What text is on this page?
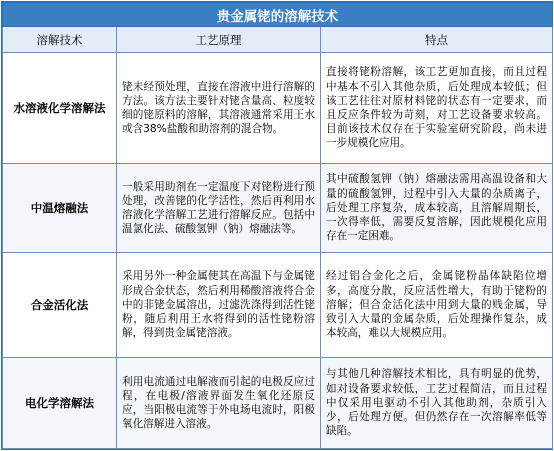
贵金属铑的溶解技术		
溶解技术	工艺原理	特点
水溶液化学溶解法	铑未经预处理，直接在溶液中进行溶解的方法。该方法主要针对铑含量高、粒度较细的铑原料的溶解，其溶液通常采用王水或含38%盐酸和助溶剂的混合物。	直接将铑粉溶解，该工艺更加直接，而且过程中基本不引入其他杂质，后处理成本较低；但该工艺往往对原材料铑的状态有一定要求，而且反应条件较为苛刻，对工艺设备要求较高。目前该技术仅存在于实验室研究阶段，尚未进一步规模化应用。
中温熔融法	一般采用助剂在一定温度下对铑粉进行预处理，改善铑的化学活性，然后再利用水溶液化学溶解工艺进行溶解反应。包括中温氯化法、硫酸氢钾（钠）熔融法等。	其中硫酸氢钾（钠）熔融法需用高温设备和大量的硫酸氢钾，过程中引入大量的杂质离子，后处理工序复杂，成本较高，且溶解周期长，一次得率低，需要反复溶解，因此规模化应用存在一定困难。
合金活化法	采用另外一种金属使其在高温下与金属铑形成合金状态，然后利用稀酸溶液将合金中的非铑金属溶出，过滤洗涤得到活性铑粉，随后利用王水将得到的活性铑粉溶解，得到贵金属铑溶液。	经过铝合金化之后，金属铑粉晶体缺陷位增多，高度分散，反应活性增大，有助于铑粉的溶解；但合金活化法中用到大量的贱金属，导致引入大量的金属杂质，后处理操作复杂，成本较高，难以大规模应用。
电化学溶解法	利用电流通过电解液而引起的电极反应过程，在电极/溶液界面发生氧化还原反应，当阳极电流等于外电场电流时，阳极氧化溶解进入溶液。	与其他几种溶解技术相比，具有明显的优势，如对设备要求较低，工艺过程简洁，而且过程中仅采用电驱动不引入其他助剂，杂质引入少，后处理方便。但仍然存在一次溶解率低等缺陷。
